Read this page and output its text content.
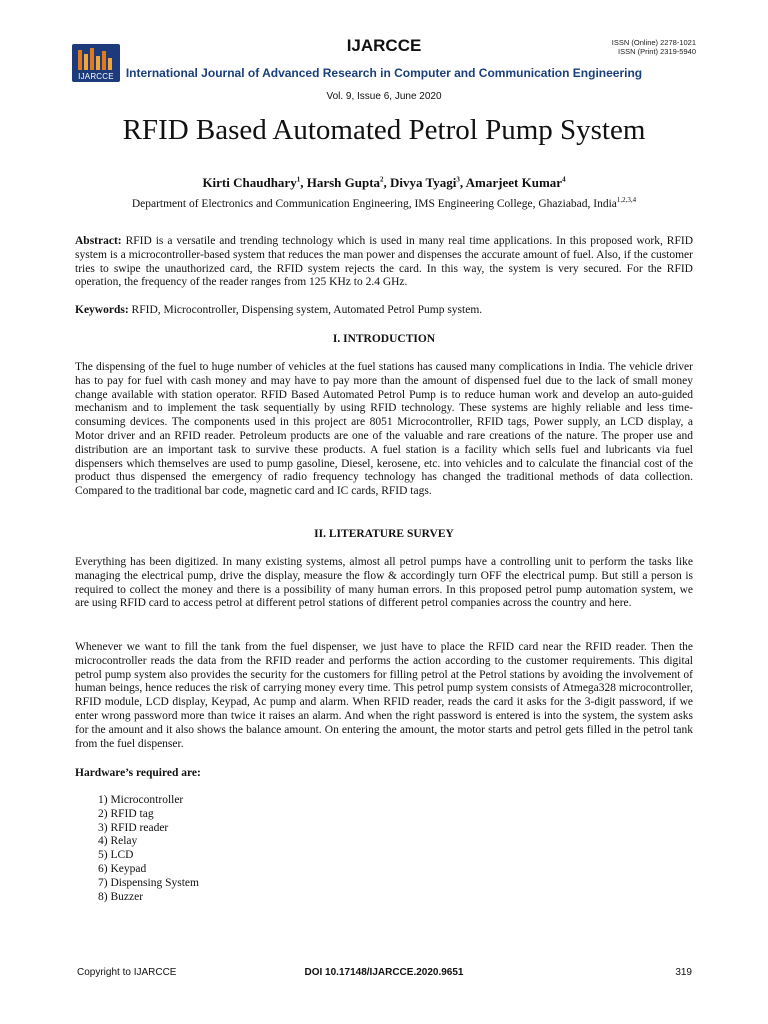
IJARCCE
IJARCCE	ISSN (Online) 2278-1021
ISSN (Print) 2319-5940
International Journal of Advanced Research in Computer and Communication Engineering
Vol. 9, Issue 6, June 2020
RFID Based Automated Petrol Pump System
Kirti Chaudhary$^1$, Harsh Gupta$^2$, Divya Tyagi$^3$, Amarjeet Kumar$^4$
Department of Electronics and Communication Engineering, IMS Engineering College, Ghaziabad, India$^{1,2,3,4}$
Abstract: RFID is a versatile and trending technology which is used in many real time applications. In this proposed work, RFID system is a microcontroller-based system that reduces the man power and dispenses the accurate amount of fuel. Also, if the customer tries to swipe the unauthorized card, the RFID system rejects the card. In this way, the system is very secured. For the RFID operation, the frequency of the reader ranges from 125 KHz to 2.4 GHz.
Keywords: RFID, Microcontroller, Dispensing system, Automated Petrol Pump system.
I. INTRODUCTION
The dispensing of the fuel to huge number of vehicles at the fuel stations has caused many complications in India. The vehicle driver has to pay for fuel with cash money and may have to pay more than the amount of dispensed fuel due to the lack of small money change available with station operator. RFID Based Automated Petrol Pump is to reduce human work and develop an auto-guided mechanism and to implement the task sequentially by using RFID technology. These systems are highly reliable and less time-consuming devices. The components used in this project are 8051 Microcontroller, RFID tags, Power supply, an LCD display, a Motor driver and an RFID reader. Petroleum products are one of the valuable and rare creations of the nature. The proper use and distribution are an important task to survive these products. A fuel station is a facility which sells fuel and lubricants via fuel dispensers which themselves are used to pump gasoline, Diesel, kerosene, etc. into vehicles and to calculate the financial cost of the product thus dispensed the emergency of radio frequency technology has changed the traditional methods of data collection. Compared to the traditional bar code, magnetic card and IC cards, RFID tags.
II. LITERATURE SURVEY
Everything has been digitized. In many existing systems, almost all petrol pumps have a controlling unit to perform the tasks like managing the electrical pump, drive the display, measure the flow & accordingly turn OFF the electrical pump. But still a person is required to collect the money and there is a possibility of many human errors. In this proposed petrol pump automation system, we are using RFID card to access petrol at different petrol stations of different petrol companies across the country and here.
Whenever we want to fill the tank from the fuel dispenser, we just have to place the RFID card near the RFID reader. Then the microcontroller reads the data from the RFID reader and performs the action according to the customer requirements. This digital petrol pump system also provides the security for the customers for filling petrol at the Petrol stations by avoiding the involvement of human beings, hence reduces the risk of carrying money every time. This petrol pump system consists of Atmega328 microcontroller, RFID module, LCD display, Keypad, Ac pump and alarm. When RFID reader, reads the card it asks for the 3-digit password, if we enter wrong password more than twice it raises an alarm. And when the right password is entered is into the system, the system asks for the amount and it also shows the balance amount. On entering the amount, the motor starts and petrol gets filled in the petrol tank from the fuel dispenser.
Hardware’s required are:
1) Microcontroller
2) RFID tag
3) RFID reader
4) Relay
5) LCD
6) Keypad
7) Dispensing System
8) Buzzer
Copyright to IJARCCE	DOI 10.17148/IJARCCE.2020.9651	319
